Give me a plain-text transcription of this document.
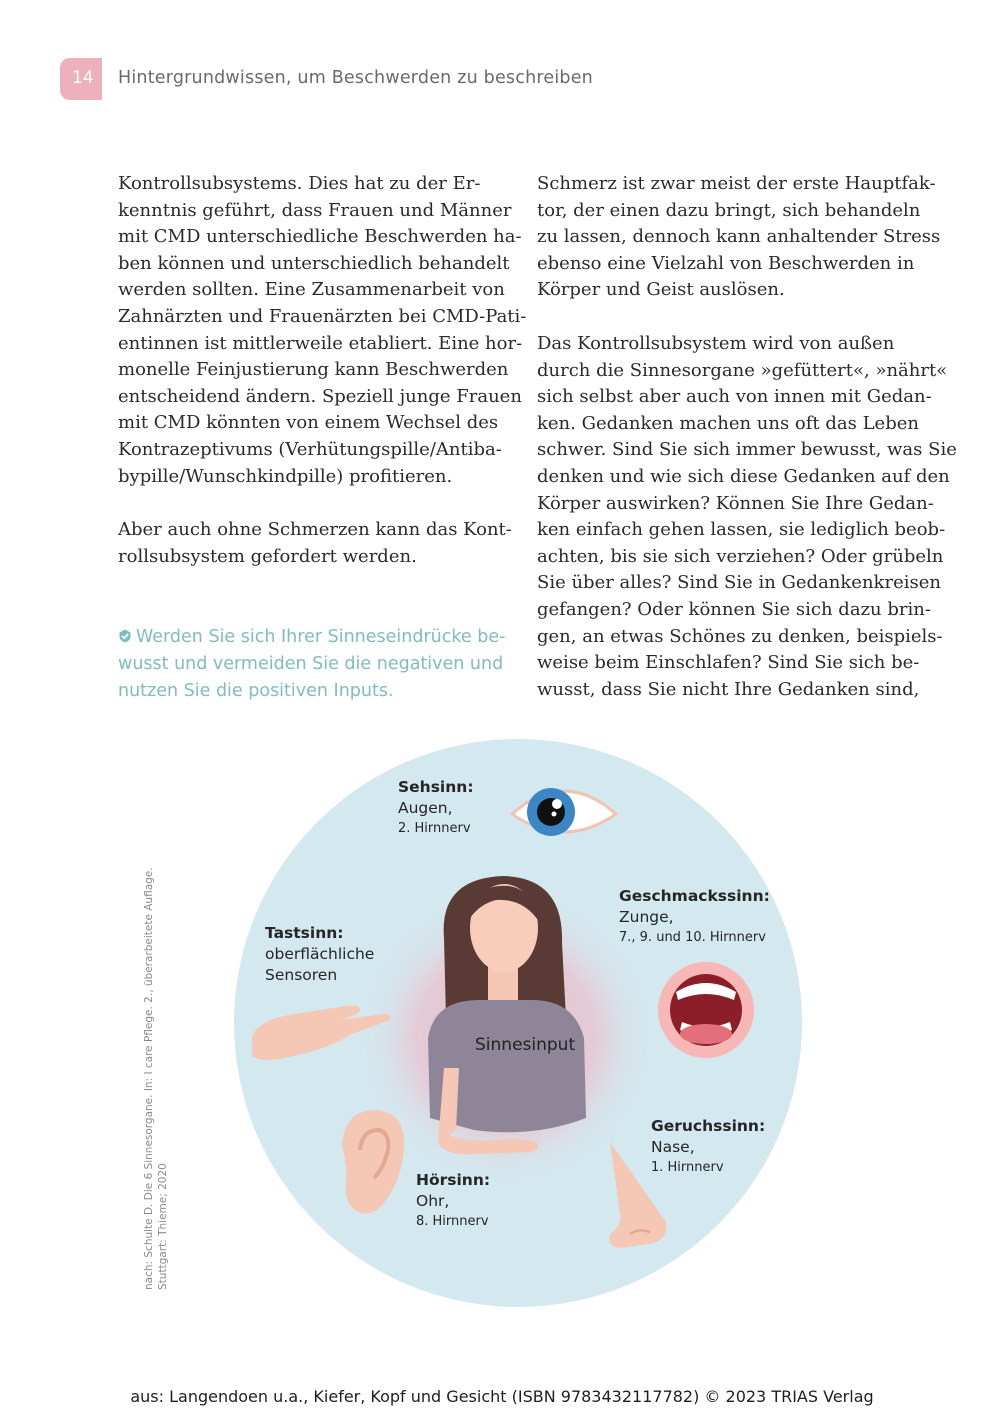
14 Hintergrundwissen, um Beschwerden zu beschreiben

Kontrollsubsystems. Dies hat zu der Er-
kenntnis geführt, dass Frauen und Männer
mit CMD unterschiedliche Beschwerden ha-
ben können und unterschiedlich behandelt
werden sollten. Eine Zusammenarbeit von
Zahnärzten und Frauenärzten bei CMD-Pati-
entinnen ist mittlerweile etabliert. Eine hor-
monelle Feinjustierung kann Beschwerden
entscheidend ändern. Speziell junge Frauen
mit CMD könnten von einem Wechsel des
Kontrazeptivums (Verhütungspille/Antiba-
bypille/Wunschkindpille) profitieren.

Aber auch ohne Schmerzen kann das Kont-
rollsubsystem gefordert werden.

Werden Sie sich Ihrer Sinneseindrücke be-
wusst und vermeiden Sie die negativen und
nutzen Sie die positiven Inputs.

Schmerz ist zwar meist der erste Hauptfak-
tor, der einen dazu bringt, sich behandeln
zu lassen, dennoch kann anhaltender Stress
ebenso eine Vielzahl von Beschwerden in
Körper und Geist auslösen.

Das Kontrollsubsystem wird von außen
durch die Sinnesorgane »gefüttert«, »nährt«
sich selbst aber auch von innen mit Gedan-
ken. Gedanken machen uns oft das Leben
schwer. Sind Sie sich immer bewusst, was Sie
denken und wie sich diese Gedanken auf den
Körper auswirken? Können Sie Ihre Gedan-
ken einfach gehen lassen, sie lediglich beob-
achten, bis sie sich verziehen? Oder grübeln
Sie über alles? Sind Sie in Gedankenkreisen
gefangen? Oder können Sie sich dazu brin-
gen, an etwas Schönes zu denken, beispiels-
weise beim Einschlafen? Sind Sie sich be-
wusst, dass Sie nicht Ihre Gedanken sind,

Sehsinn:
Augen,
2. Hirnnerv
Geschmackssinn:
Zunge,
7., 9. und 10. Hirnnerv
Tastsinn:
oberflächliche
Sensoren
Sinnesinput
Geruchssinn:
Nase,
1. Hirnnerv
Hörsinn:
Ohr,
8. Hirnnerv
nach: Schulte D. Die 6 Sinnesorgane. In: I care Pflege. 2., überarbeitete Auflage. Stuttgart: Thieme; 2020
aus: Langendoen u.a., Kiefer, Kopf und Gesicht (ISBN 9783432117782) © 2023 TRIAS Verlag
